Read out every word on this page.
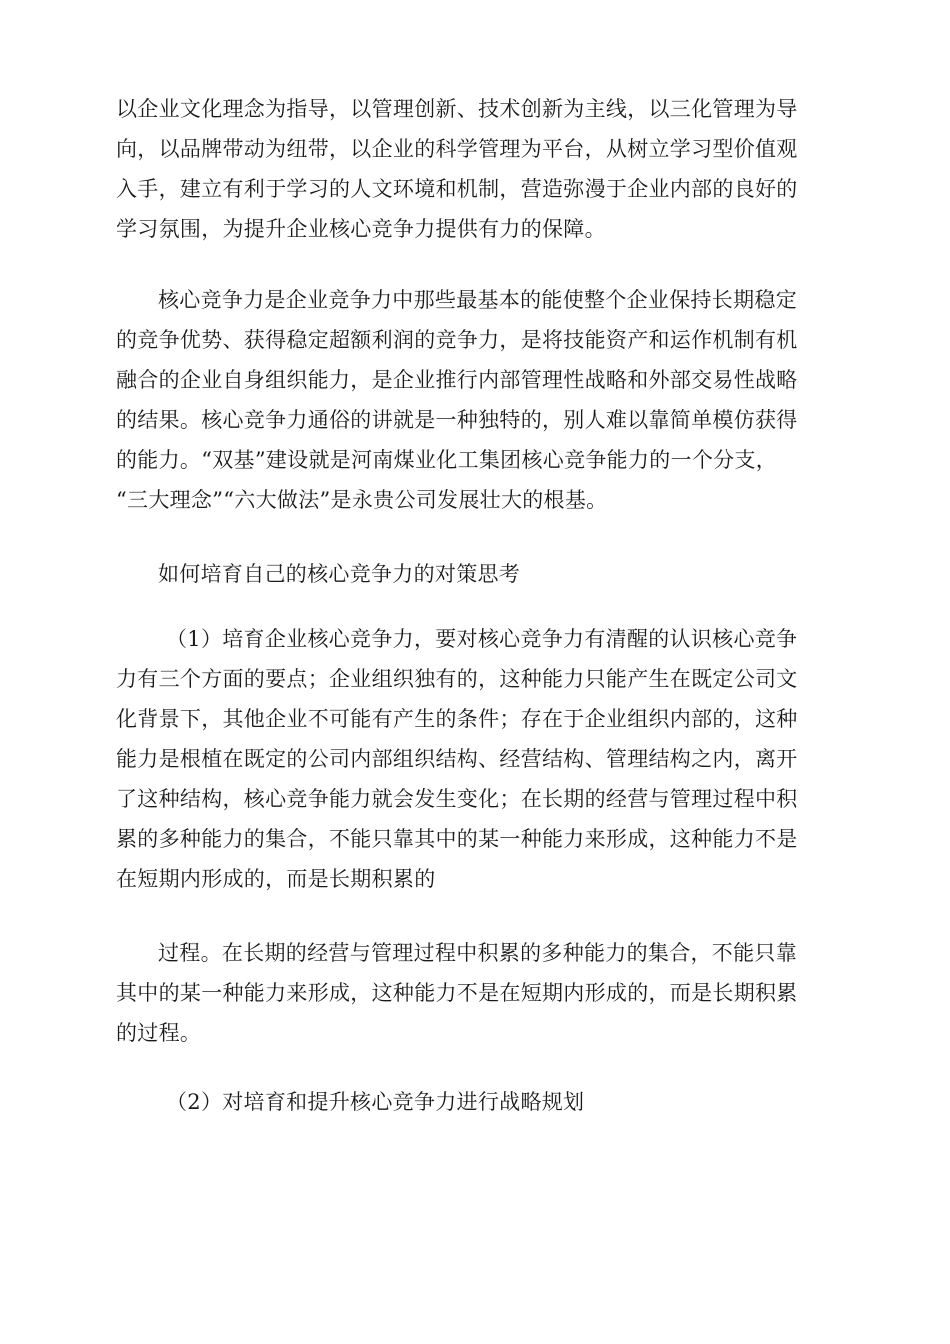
以企业文化理念为指导，以管理创新、技术创新为主线，以三化管理为导
向，以品牌带动为纽带，以企业的科学管理为平台，从树立学习型价值观
入手，建立有利于学习的人文环境和机制，营造弥漫于企业内部的良好的
学习氛围，为提升企业核心竞争力提供有力的保障。
核心竞争力是企业竞争力中那些最基本的能使整个企业保持长期稳定
的竞争优势、获得稳定超额利润的竞争力，是将技能资产和运作机制有机
融合的企业自身组织能力，是企业推行内部管理性战略和外部交易性战略
的结果。核心竞争力通俗的讲就是一种独特的，别人难以靠简单模仿获得
的能力。“双基”建设就是河南煤业化工集团核心竞争能力的一个分支，
“三大理念”“六大做法”是永贵公司发展壮大的根基。
如何培育自己的核心竞争力的对策思考
（1）培育企业核心竞争力，要对核心竞争力有清醒的认识核心竞争
力有三个方面的要点；企业组织独有的，这种能力只能产生在既定公司文
化背景下，其他企业不可能有产生的条件；存在于企业组织内部的，这种
能力是根植在既定的公司内部组织结构、经营结构、管理结构之内，离开
了这种结构，核心竞争能力就会发生变化；在长期的经营与管理过程中积
累的多种能力的集合，不能只靠其中的某一种能力来形成，这种能力不是
在短期内形成的，而是长期积累的
过程。在长期的经营与管理过程中积累的多种能力的集合，不能只靠
其中的某一种能力来形成，这种能力不是在短期内形成的，而是长期积累
的过程。
（2）对培育和提升核心竞争力进行战略规划
